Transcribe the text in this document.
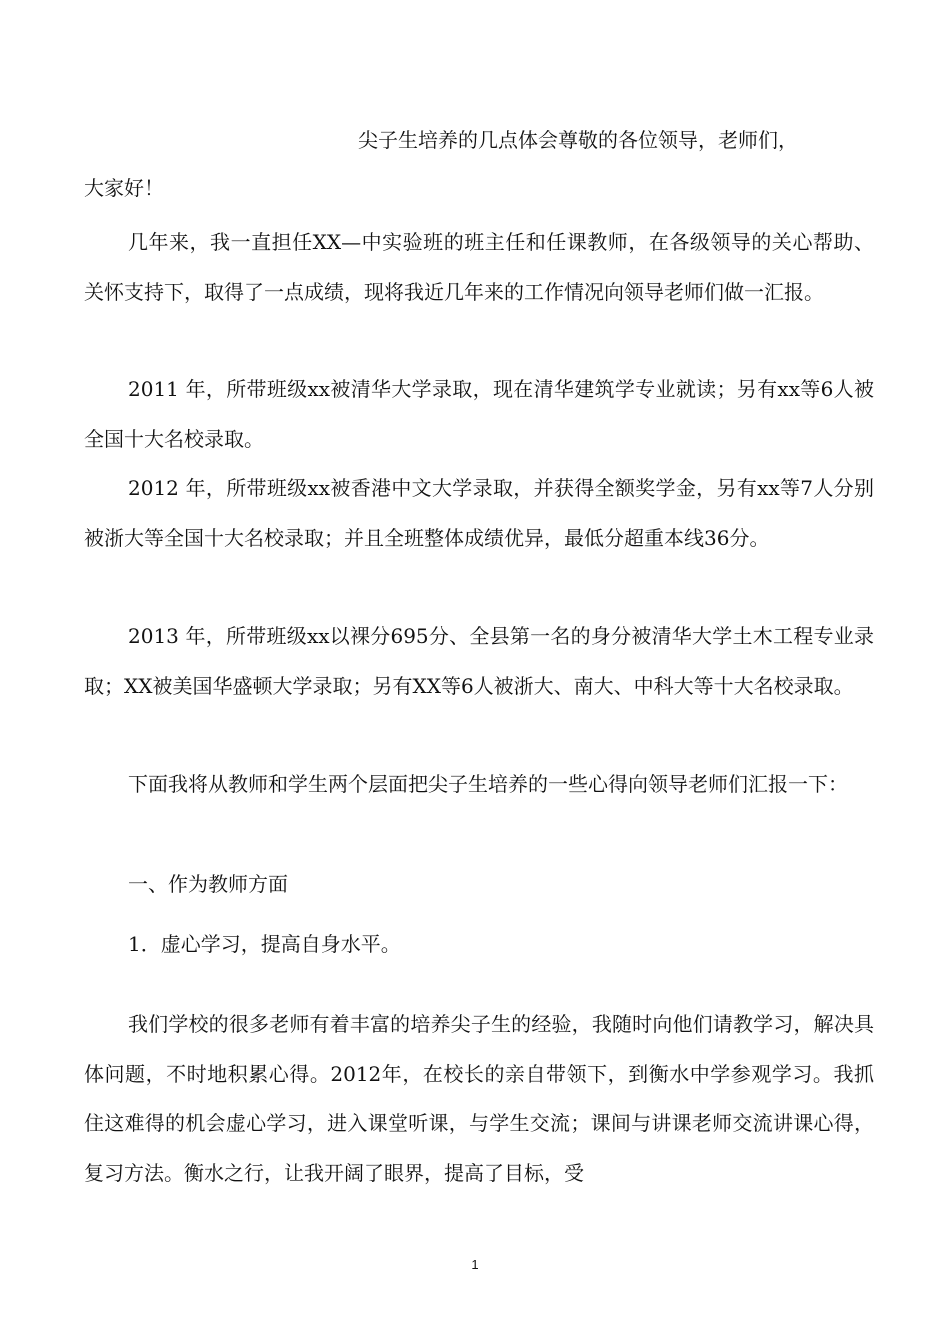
尖子生培养的几点体会尊敬的各位领导，老师们，
大家好！
几年来，我一直担任XX—中实验班的班主任和任课教师，在各级领导的关心帮助、关怀支持下，取得了一点成绩，现将我近几年来的工作情况向领导老师们做一汇报。
2011 年，所带班级xx被清华大学录取，现在清华建筑学专业就读；另有xx等6人被全国十大名校录取。
2012 年，所带班级xx被香港中文大学录取，并获得全额奖学金，另有xx等7人分别被浙大等全国十大名校录取；并且全班整体成绩优异，最低分超重本线36分。
2013 年，所带班级xx以裸分695分、全县第一名的身分被清华大学土木工程专业录取；XX被美国华盛顿大学录取；另有XX等6人被浙大、南大、中科大等十大名校录取。
下面我将从教师和学生两个层面把尖子生培养的一些心得向领导老师们汇报一下：
一、作为教师方面
1．虚心学习，提高自身水平。
我们学校的很多老师有着丰富的培养尖子生的经验，我随时向他们请教学习，解决具体问题，不时地积累心得。2012年，在校长的亲自带领下，到衡水中学参观学习。我抓住这难得的机会虚心学习，进入课堂听课，与学生交流；课间与讲课老师交流讲课心得，复习方法。衡水之行，让我开阔了眼界，提高了目标，受
1
